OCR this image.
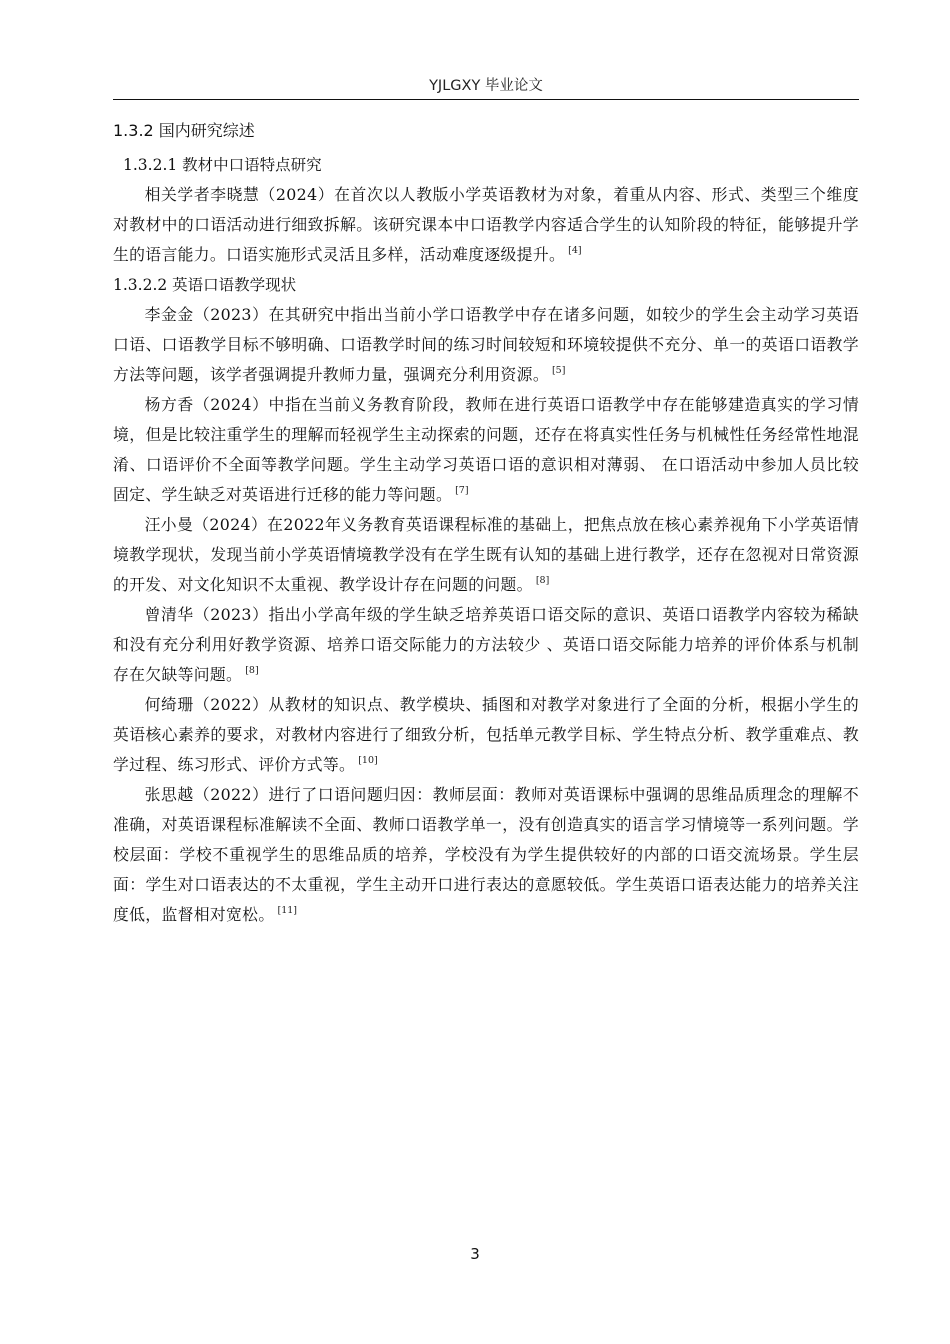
YJLGXY 毕业论文
1.3.2 国内研究综述
1.3.2.1 教材中口语特点研究

相关学者李晓慧（2024）在首次以人教版小学英语教材为对象，着重从内容、形式、类型三个维度对教材中的口语活动进行细致拆解。该研究课本中口语教学内容适合学生的认知阶段的特征，能够提升学生的语言能力。口语实施形式灵活且多样，活动难度逐级提升。 [4]

1.3.2.2 英语口语教学现状

李金金（2023）在其研究中指出当前小学口语教学中存在诸多问题，如较少的学生会主动学习英语口语、口语教学目标不够明确、口语教学时间的练习时间较短和环境较提供不充分、单一的英语口语教学方法等问题，该学者强调提升教师力量，强调充分利用资源。 [5]

杨方香（2024）中指在当前义务教育阶段，教师在进行英语口语教学中存在能够建造真实的学习情境，但是比较注重学生的理解而轻视学生主动探索的问题，还存在将真实性任务与机械性任务经常性地混淆、口语评价不全面等教学问题。学生主动学习英语口语的意识相对薄弱、 在口语活动中参加人员比较固定、学生缺乏对英语进行迁移的能力等问题。 [7]

汪小曼（2024）在2022年义务教育英语课程标准的基础上，把焦点放在核心素养视角下小学英语情境教学现状，发现当前小学英语情境教学没有在学生既有认知的基础上进行教学，还存在忽视对日常资源的开发、对文化知识不太重视、教学设计存在问题的问题。 [8]

曾清华（2023）指出小学高年级的学生缺乏培养英语口语交际的意识、英语口语教学内容较为稀缺和没有充分利用好教学资源、培养口语交际能力的方法较少 、英语口语交际能力培养的评价体系与机制存在欠缺等问题。 [8]

何绮珊（2022）从教材的知识点、教学模块、插图和对教学对象进行了全面的分析，根据小学生的英语核心素养的要求，对教材内容进行了细致分析，包括单元教学目标、学生特点分析、教学重难点、教学过程、练习形式、评价方式等。 [10]

张思越（2022）进行了口语问题归因：教师层面：教师对英语课标中强调的思维品质理念的理解不准确，对英语课程标准解读不全面、教师口语教学单一，没有创造真实的语言学习情境等一系列问题。学校层面：学校不重视学生的思维品质的培养，学校没有为学生提供较好的内部的口语交流场景。学生层面：学生对口语表达的不太重视，学生主动开口进行表达的意愿较低。学生英语口语表达能力的培养关注度低，监督相对宽松。 [11]

3
